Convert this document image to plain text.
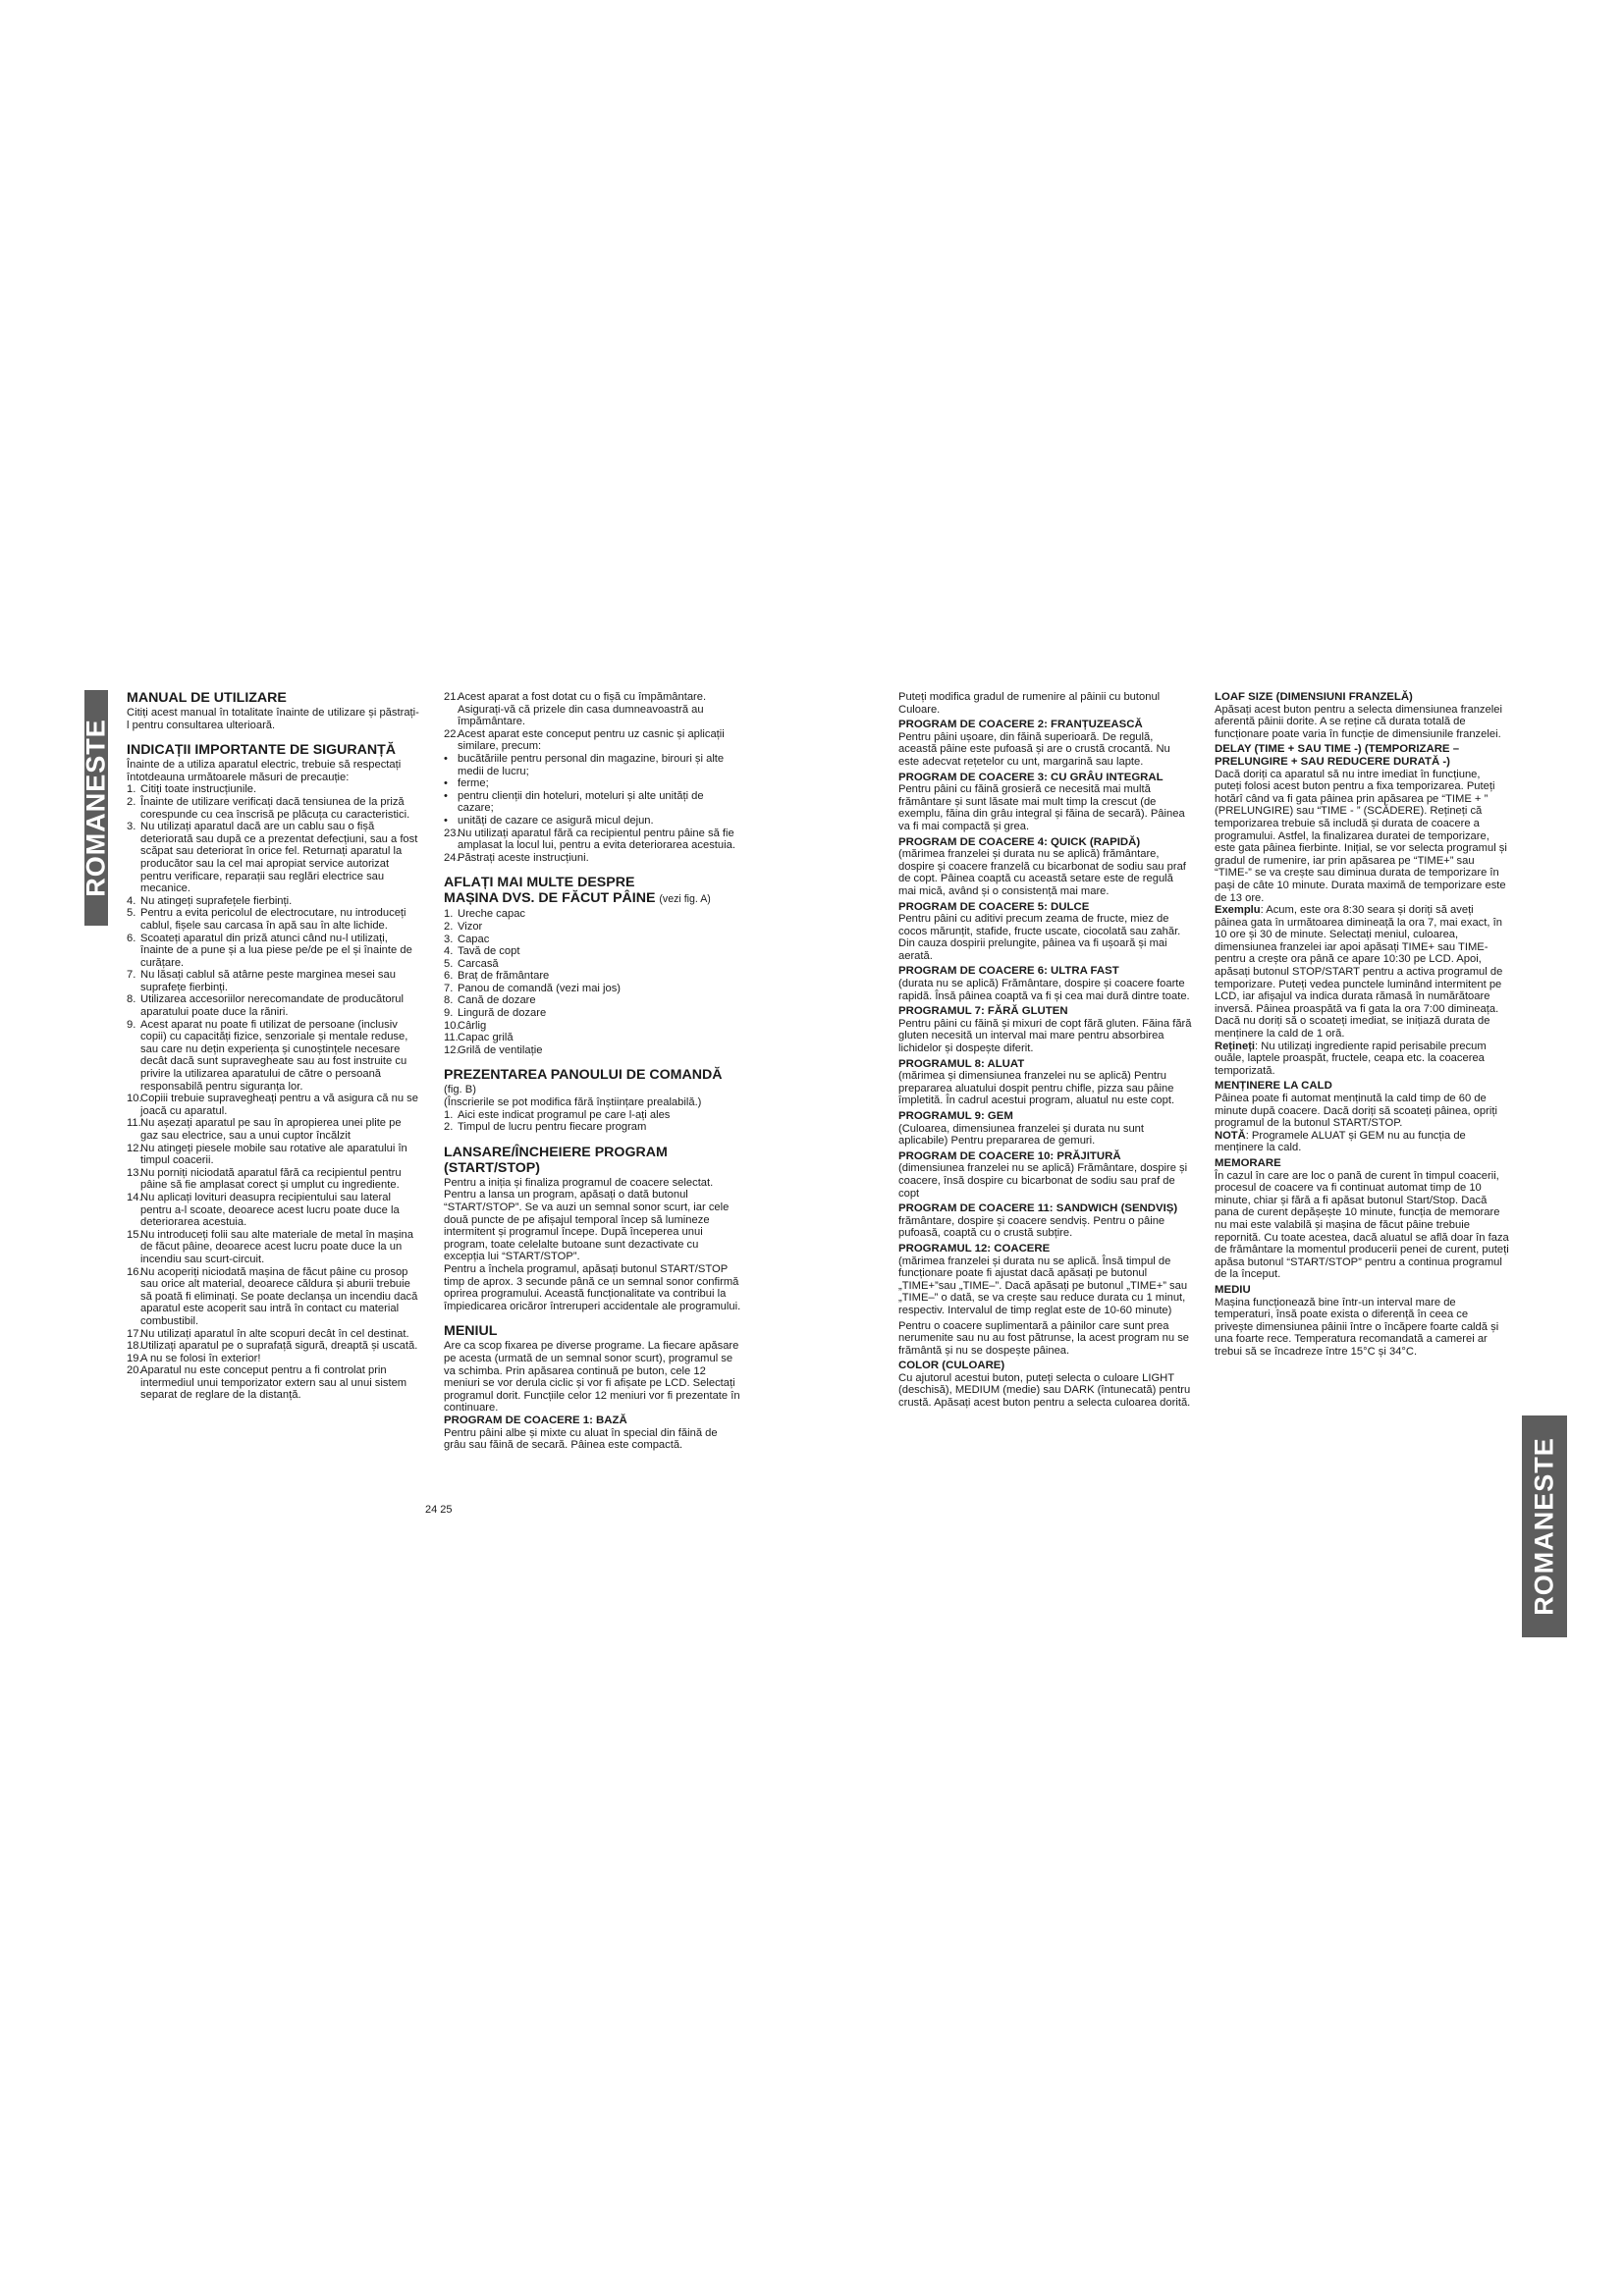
ROMANESTE
ROMANESTE
MANUAL DE UTILIZARE

Citiți acest manual în totalitate înainte de utilizare și păstrați-l pentru consultarea ulterioară.

INDICAȚII IMPORTANTE DE SIGURANȚĂ

Înainte de a utiliza aparatul electric, trebuie să respectați întotdeauna următoarele măsuri de precauție:

1. Citiți toate instrucțiunile.
2. Înainte de utilizare verificați dacă tensiunea de la priză corespunde cu cea înscrisă pe plăcuța cu caracteristici.
3. Nu utilizați aparatul dacă are un cablu sau o fișă deteriorată sau după ce a prezentat defecțiuni, sau a fost scăpat sau deteriorat în orice fel. Returnați aparatul la producător sau la cel mai apropiat service autorizat pentru verificare, reparații sau reglări electrice sau mecanice.
4. Nu atingeți suprafețele fierbinți.
5. Pentru a evita pericolul de electrocutare, nu introduceți cablul, fișele sau carcasa în apă sau în alte lichide.
6. Scoateți aparatul din priză atunci când nu-l utilizați, înainte de a pune și a lua piese pe/de pe el și înainte de curățare.
7. Nu lăsați cablul să atârne peste marginea mesei sau suprafețe fierbinți.
8. Utilizarea accesoriilor nerecomandate de producătorul aparatului poate duce la răniri.
9. Acest aparat nu poate fi utilizat de persoane (inclusiv copii) cu capacități fizice, senzoriale și mentale reduse, sau care nu dețin experiența și cunoștințele necesare decât dacă sunt supravegheate sau au fost instruite cu privire la utilizarea aparatului de către o persoană responsabilă pentru siguranța lor.
10.Copiii trebuie supravegheați pentru a vă asigura că nu se joacă cu aparatul.
11.Nu așezați aparatul pe sau în apropierea unei plite pe gaz sau electrice, sau a unui cuptor încălzit
12.Nu atingeți piesele mobile sau rotative ale aparatului în timpul coacerii.
13.Nu porniți niciodată aparatul fără ca recipientul pentru pâine să fie amplasat corect și umplut cu ingrediente.
14.Nu aplicați lovituri deasupra recipientului sau lateral pentru a-l scoate, deoarece acest lucru poate duce la deteriorarea acestuia.
15.Nu introduceți folii sau alte materiale de metal în mașina de făcut pâine, deoarece acest lucru poate duce la un incendiu sau scurt-circuit.
16.Nu acoperiți niciodată mașina de făcut pâine cu prosop sau orice alt material, deoarece căldura și aburii trebuie să poată fi eliminați. Se poate declanșa un incendiu dacă aparatul este acoperit sau intră în contact cu material combustibil.
17.Nu utilizați aparatul în alte scopuri decât în cel destinat.
18.Utilizați aparatul pe o suprafață sigură, dreaptă și uscată.
19.A nu se folosi în exterior!
20.Aparatul nu este conceput pentru a fi controlat prin intermediul unui temporizator extern sau al unui sistem separat de reglare de la distanță.
21.Acest aparat a fost dotat cu o fișă cu împământare. Asigurați-vă că prizele din casa dumneavoastră au împământare.
22.Acest aparat este conceput pentru uz casnic și aplicații similare, precum:
• bucătăriile pentru personal din magazine, birouri și alte medii de lucru;
• ferme;
• pentru clienții din hoteluri, moteluri și alte unități de cazare;
• unități de cazare ce asigură micul dejun.
23.Nu utilizați aparatul fără ca recipientul pentru pâine să fie amplasat la locul lui, pentru a evita deteriorarea acestuia.
24.Păstrați aceste instrucțiuni.
AFLAȚI MAI MULTE DESPRE
MAȘINA DVS. DE FĂCUT PÂINE (vezi fig. A)
1. Ureche capac
2. Vizor
3. Capac
4. Tavă de copt
5. Carcasă
6. Braț de frământare
7. Panou de comandă (vezi mai jos)
8. Cană de dozare
9. Lingură de dozare
10.Cârlig
11.Capac grilă
12.Grilă de ventilație
PREZENTAREA PANOULUI DE COMANDĂ

(fig. B)

(Înscrierile se pot modifica fără înștiințare prealabilă.)

1. Aici este indicat programul pe care l-ați ales
2. Timpul de lucru pentru fiecare program
LANSARE/ÎNCHEIERE PROGRAM
(START/STOP)

Pentru a iniția și finaliza programul de coacere selectat.

Pentru a lansa un program, apăsați o dată butonul “START/STOP”. Se va auzi un semnal sonor scurt, iar cele două puncte de pe afișajul temporal încep să lumineze intermitent și programul începe. După începerea unui program, toate celelalte butoane sunt dezactivate cu excepția lui “START/STOP”.

Pentru a închela programul, apăsați butonul START/STOP timp de aprox. 3 secunde până ce un semnal sonor confirmă oprirea programului. Această funcționalitate va contribui la împiedicarea oricăror întreruperi accidentale ale programului.

MENIUL

Are ca scop fixarea pe diverse programe. La fiecare apăsare pe acesta (urmată de un semnal sonor scurt), programul se va schimba. Prin apăsarea continuă pe buton, cele 12 meniuri se vor derula ciclic și vor fi afișate pe LCD. Selectați programul dorit. Funcțiile celor 12 meniuri vor fi prezentate în continuare.

PROGRAM DE COACERE 1: BAZĂ

Pentru pâini albe și mixte cu aluat în special din făină de grâu sau făină de secară. Pâinea este compactă.

Puteți modifica gradul de rumenire al pâinii cu butonul Culoare.

PROGRAM DE COACERE 2: FRANȚUZEASCĂ

Pentru pâini ușoare, din făină superioară. De regulă, această pâine este pufoasă și are o crustă crocantă. Nu este adecvat rețetelor cu unt, margarină sau lapte.

PROGRAM DE COACERE 3: CU GRÂU INTEGRAL

Pentru pâini cu făină grosieră ce necesită mai multă frământare și sunt lăsate mai mult timp la crescut (de exemplu, făina din grâu integral și făina de secară). Pâinea va fi mai compactă și grea.

PROGRAM DE COACERE 4: QUICK (RAPIDĂ)

(mărimea franzelei și durata nu se aplică) frământare, dospire și coacere franzelă cu bicarbonat de sodiu sau praf de copt. Pâinea coaptă cu această setare este de regulă mai mică, având și o consistență mai mare.

PROGRAM DE COACERE 5: DULCE

Pentru pâini cu aditivi precum zeama de fructe, miez de cocos mărunțit, stafide, fructe uscate, ciocolată sau zahăr. Din cauza dospirii prelungite, pâinea va fi ușoară și mai aerată.

PROGRAM DE COACERE 6: ULTRA FAST

(durata nu se aplică) Frământare, dospire și coacere foarte rapidă. Însă pâinea coaptă va fi și cea mai dură dintre toate.

PROGRAMUL 7: FĂRĂ GLUTEN

Pentru pâini cu făină și mixuri de copt fără gluten. Făina fără gluten necesită un interval mai mare pentru absorbirea lichidelor și dospește diferit.

PROGRAMUL 8: ALUAT

(mărimea și dimensiunea franzelei nu se aplică) Pentru prepararea aluatului dospit pentru chifle, pizza sau pâine împletită. În cadrul acestui program, aluatul nu este copt.

PROGRAMUL 9: GEM

(Culoarea, dimensiunea franzelei și durata nu sunt aplicabile) Pentru prepararea de gemuri.

PROGRAM DE COACERE 10: PRĂJITURĂ

(dimensiunea franzelei nu se aplică) Frământare, dospire și coacere, însă dospire cu bicarbonat de sodiu sau praf de copt

PROGRAM DE COACERE 11: SANDWICH (SENDVIȘ)

frământare, dospire și coacere sendviș. Pentru o pâine pufoasă, coaptă cu o crustă subțire.

PROGRAMUL 12: COACERE

(mărimea franzelei și durata nu se aplică. Însă timpul de funcționare poate fi ajustat dacă apăsați pe butonul „TIME+”sau „TIME–”. Dacă apăsați pe butonul „TIME+” sau „TIME–” o dată, se va crește sau reduce durata cu 1 minut, respectiv. Intervalul de timp reglat este de 10-60 minute)

Pentru o coacere suplimentară a pâinilor care sunt prea nerumenite sau nu au fost pătrunse, la acest program nu se frământă și nu se dospește pâinea.

COLOR (CULOARE)

Cu ajutorul acestui buton, puteți selecta o culoare LIGHT (deschisă), MEDIUM (medie) sau DARK (întunecată) pentru crustă. Apăsați acest buton pentru a selecta culoarea dorită.

LOAF SIZE (DIMENSIUNI FRANZELĂ)

Apăsați acest buton pentru a selecta dimensiunea franzelei aferentă pâinii dorite. A se reține că durata totală de funcționare poate varia în funcție de dimensiunile franzelei.

DELAY (TIME + SAU TIME -) (TEMPORIZARE – PRELUNGIRE + SAU REDUCERE DURATĂ -)

Dacă doriți ca aparatul să nu intre imediat în funcțiune, puteți folosi acest buton pentru a fixa temporizarea. Puteți hotărî când va fi gata pâinea prin apăsarea pe “TIME + ” (PRELUNGIRE) sau “TIME - ” (SCĂDERE). Rețineți că temporizarea trebuie să includă și durata de coacere a programului. Astfel, la finalizarea duratei de temporizare, este gata pâinea fierbinte. Inițial, se vor selecta programul și gradul de rumenire, iar prin apăsarea pe “TIME+” sau “TIME-” se va crește sau diminua durata de temporizare în pași de câte 10 minute. Durata maximă de temporizare este de 13 ore.

Exemplu: Acum, este ora 8:30 seara și doriți să aveți pâinea gata în următoarea dimineață la ora 7, mai exact, în 10 ore și 30 de minute. Selectați meniul, culoarea, dimensiunea franzelei iar apoi apăsați TIME+ sau TIME- pentru a crește ora până ce apare 10:30 pe LCD. Apoi, apăsați butonul STOP/START pentru a activa programul de temporizare. Puteți vedea punctele luminând intermitent pe LCD, iar afișajul va indica durata rămasă în numărătoare inversă. Pâinea proaspătă va fi gata la ora 7:00 dimineața. Dacă nu doriți să o scoateți imediat, se inițiază durata de menținere la cald de 1 oră.

Rețineți: Nu utilizați ingrediente rapid perisabile precum ouăle, laptele proaspăt, fructele, ceapa etc. la coacerea temporizată.

MENȚINERE LA CALD

Pâinea poate fi automat menținută la cald timp de 60 de minute după coacere. Dacă doriți să scoateți pâinea, opriți programul de la butonul START/STOP.

NOTĂ: Programele ALUAT și GEM nu au funcția de menținere la cald.

MEMORARE

În cazul în care are loc o pană de curent în timpul coacerii, procesul de coacere va fi continuat automat timp de 10 minute, chiar și fără a fi apăsat butonul Start/Stop. Dacă pana de curent depășește 10 minute, funcția de memorare nu mai este valabilă și mașina de făcut pâine trebuie repornită. Cu toate acestea, dacă aluatul se află doar în faza de frământare la momentul producerii penei de curent, puteți apăsa butonul “START/STOP” pentru a continua programul de la început.

MEDIU

Mașina funcționează bine într-un interval mare de temperaturi, însă poate exista o diferență în ceea ce privește dimensiunea pâinii între o încăpere foarte caldă și una foarte rece. Temperatura recomandată a camerei ar trebui să se încadreze între 15°C și 34°C.

24 25
